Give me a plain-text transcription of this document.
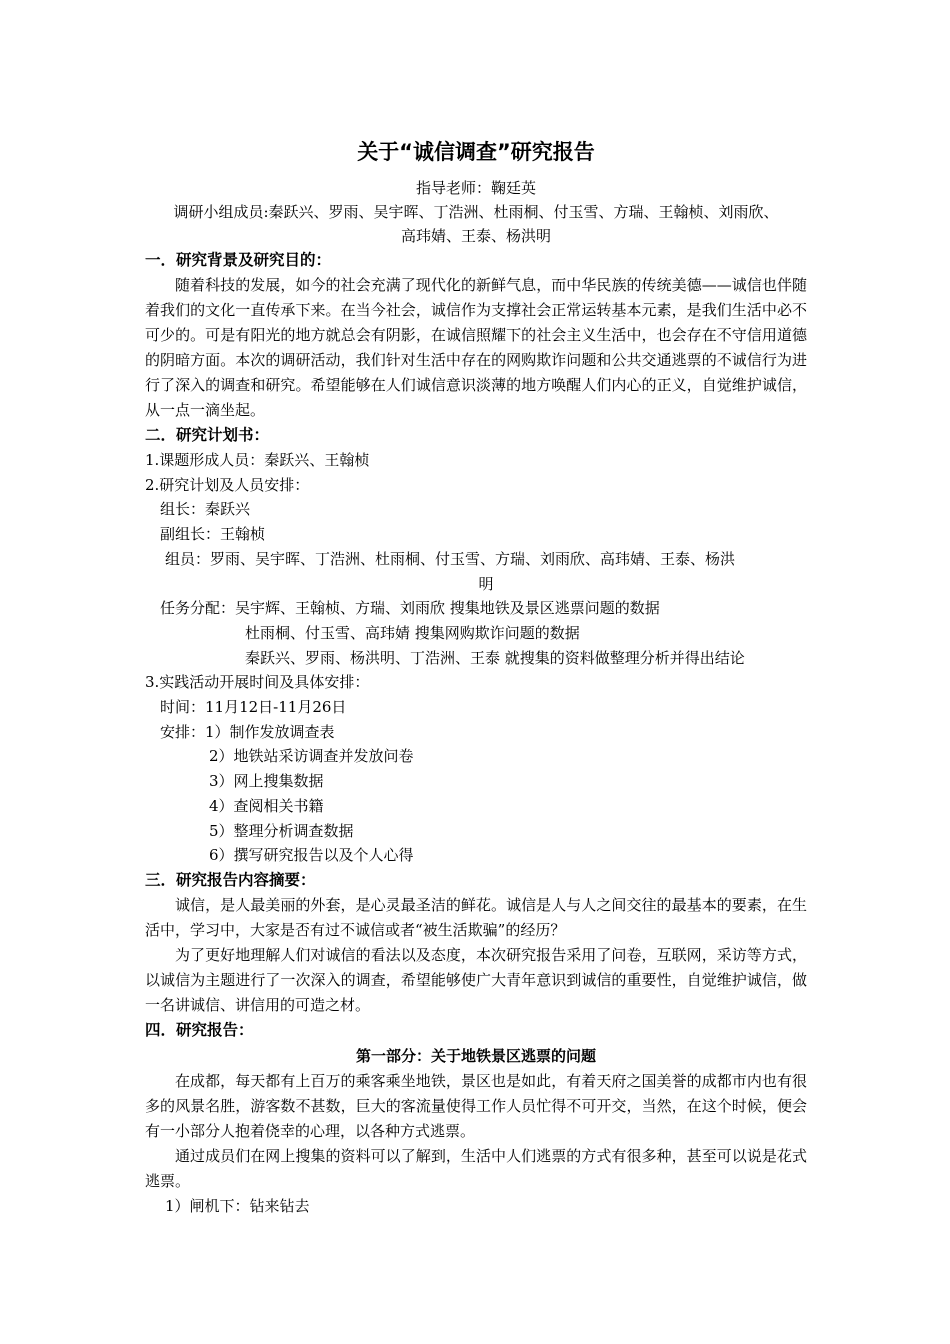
关于“诚信调查”研究报告
指导老师：鞠廷英
调研小组成员:秦跃兴、罗雨、吴宇晖、丁浩洲、杜雨桐、付玉雪、方瑞、王翰桢、刘雨欣、
高玮婧、王泰、杨洪明
一．研究背景及研究目的：
随着科技的发展，如今的社会充满了现代化的新鲜气息，而中华民族的传统美德——诚信也伴随着我们的文化一直传承下来。在当今社会，诚信作为支撑社会正常运转基本元素，是我们生活中必不可少的。可是有阳光的地方就总会有阴影，在诚信照耀下的社会主义生活中，也会存在不守信用道德的阴暗方面。本次的调研活动，我们针对生活中存在的网购欺诈问题和公共交通逃票的不诚信行为进行了深入的调查和研究。希望能够在人们诚信意识淡薄的地方唤醒人们内心的正义，自觉维护诚信，从一点一滴坐起。
二．研究计划书：
1.课题形成人员：秦跃兴、王翰桢
2.研究计划及人员安排：
组长：秦跃兴
副组长：王翰桢
组员：罗雨、吴宇晖、丁浩洲、杜雨桐、付玉雪、方瑞、刘雨欣、高玮婧、王泰、杨洪
明
任务分配：吴宇辉、王翰桢、方瑞、刘雨欣 搜集地铁及景区逃票问题的数据
杜雨桐、付玉雪、高玮婧 搜集网购欺诈问题的数据
秦跃兴、罗雨、杨洪明、丁浩洲、王泰 就搜集的资料做整理分析并得出结论
3.实践活动开展时间及具体安排：
时间：11月12日-11月26日
安排：1）制作发放调查表
2）地铁站采访调查并发放问卷
3）网上搜集数据
4）查阅相关书籍
5）整理分析调查数据
6）撰写研究报告以及个人心得
三．研究报告内容摘要：
诚信，是人最美丽的外套，是心灵最圣洁的鲜花。诚信是人与人之间交往的最基本的要素，在生活中，学习中，大家是否有过不诚信或者“被生活欺骗”的经历？
为了更好地理解人们对诚信的看法以及态度，本次研究报告采用了问卷，互联网，采访等方式，以诚信为主题进行了一次深入的调查，希望能够使广大青年意识到诚信的重要性，自觉维护诚信，做一名讲诚信、讲信用的可造之材。
四．研究报告：
第一部分：关于地铁景区逃票的问题
在成都，每天都有上百万的乘客乘坐地铁，景区也是如此，有着天府之国美誉的成都市内也有很多的风景名胜，游客数不甚数，巨大的客流量使得工作人员忙得不可开交，当然，在这个时候，便会有一小部分人抱着侥幸的心理，以各种方式逃票。
通过成员们在网上搜集的资料可以了解到，生活中人们逃票的方式有很多种，甚至可以说是花式逃票。
1）闸机下：钻来钻去
